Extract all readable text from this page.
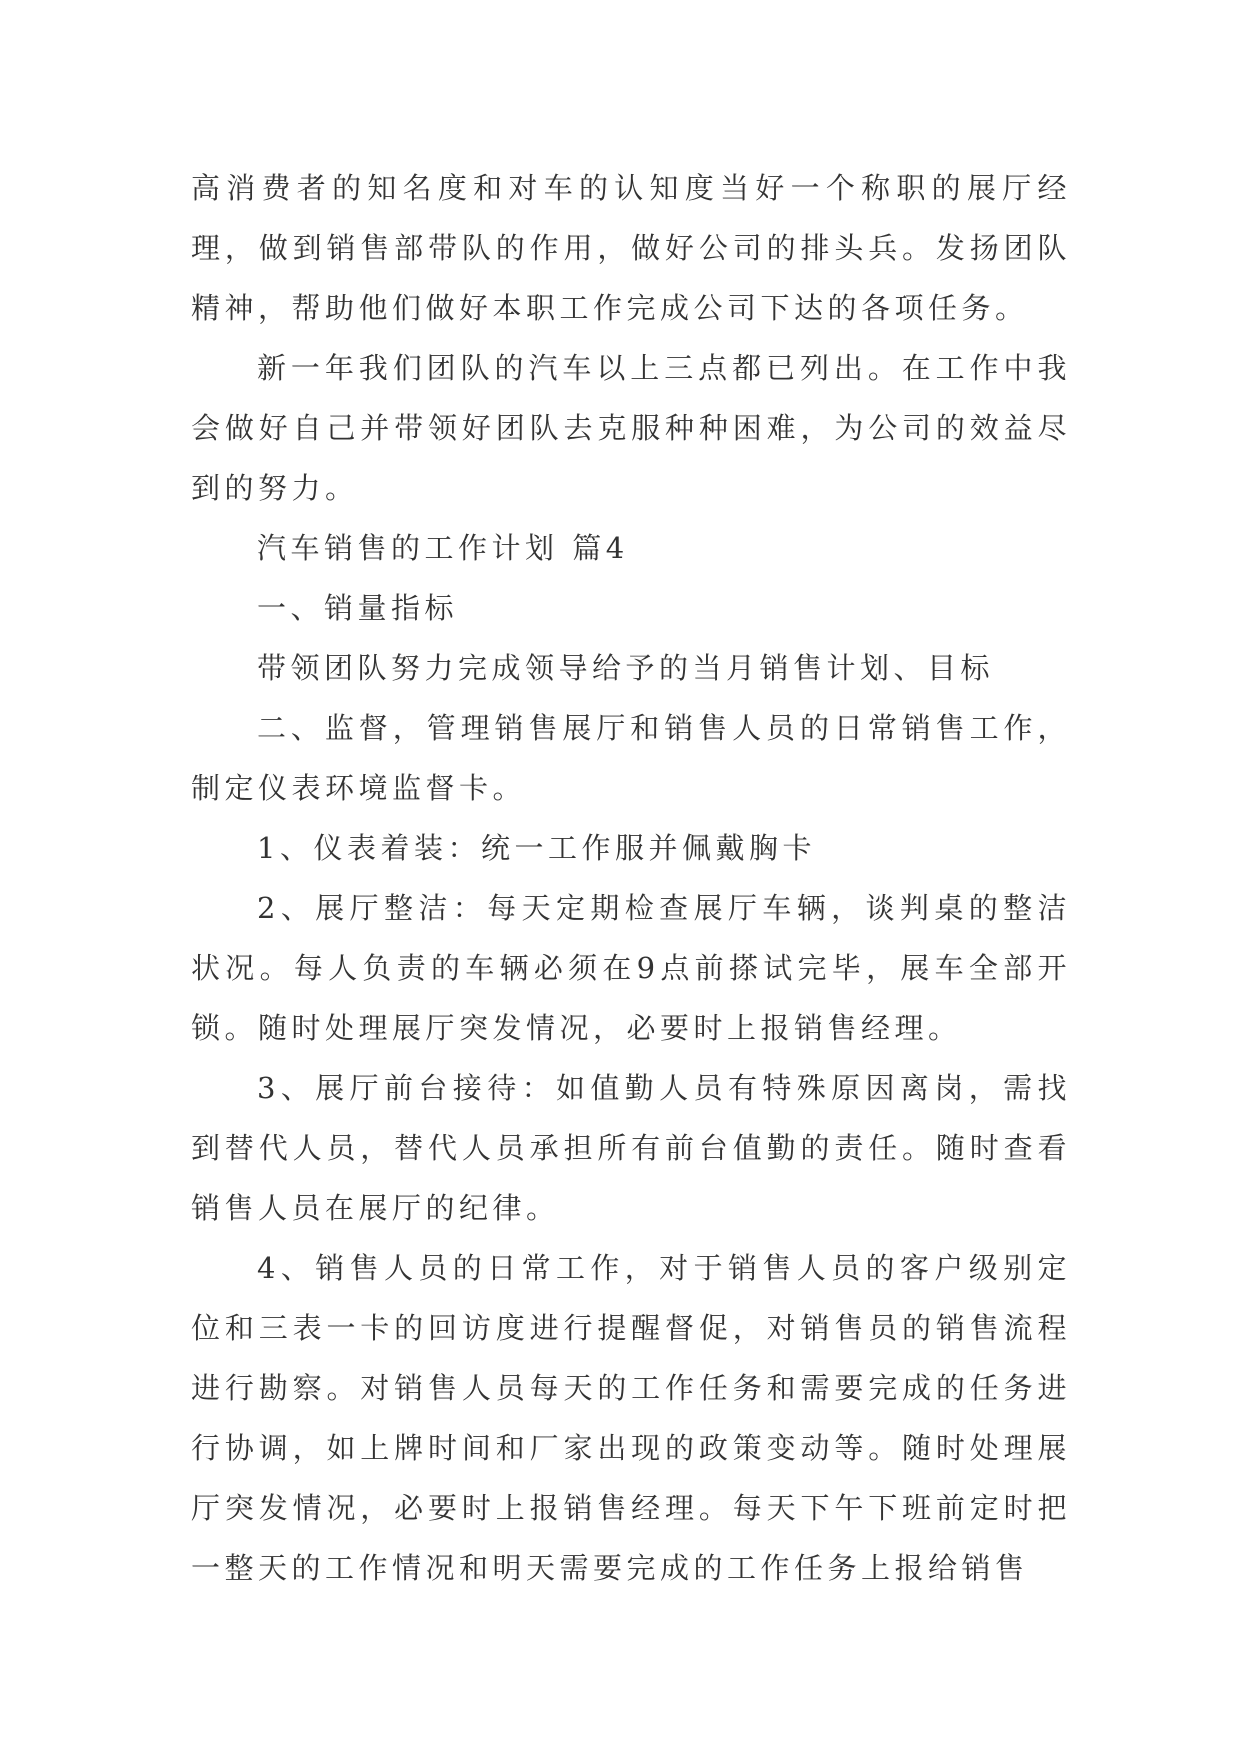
高消费者的知名度和对车的认知度当好一个称职的展厅经理，做到销售部带队的作用，做好公司的排头兵。发扬团队精神，帮助他们做好本职工作完成公司下达的各项任务。

新一年我们团队的汽车以上三点都已列出。在工作中我会做好自己并带领好团队去克服种种困难，为公司的效益尽到的努力。

汽车销售的工作计划 篇4

一、销量指标

带领团队努力完成领导给予的当月销售计划、目标

二、监督，管理销售展厅和销售人员的日常销售工作，制定仪表环境监督卡。

1、仪表着装：统一工作服并佩戴胸卡

2、展厅整洁：每天定期检查展厅车辆，谈判桌的整洁状况。每人负责的车辆必须在9点前搽试完毕，展车全部开锁。随时处理展厅突发情况，必要时上报销售经理。

3、展厅前台接待：如值勤人员有特殊原因离岗，需找到替代人员，替代人员承担所有前台值勤的责任。随时查看销售人员在展厅的纪律。

4、销售人员的日常工作，对于销售人员的客户级别定位和三表一卡的回访度进行提醒督促，对销售员的销售流程进行勘察。对销售人员每天的工作任务和需要完成的任务进行协调，如上牌时间和厂家出现的政策变动等。随时处理展厅突发情况，必要时上报销售经理。每天下午下班前定时把一整天的工作情况和明天需要完成的工作任务上报给销售
